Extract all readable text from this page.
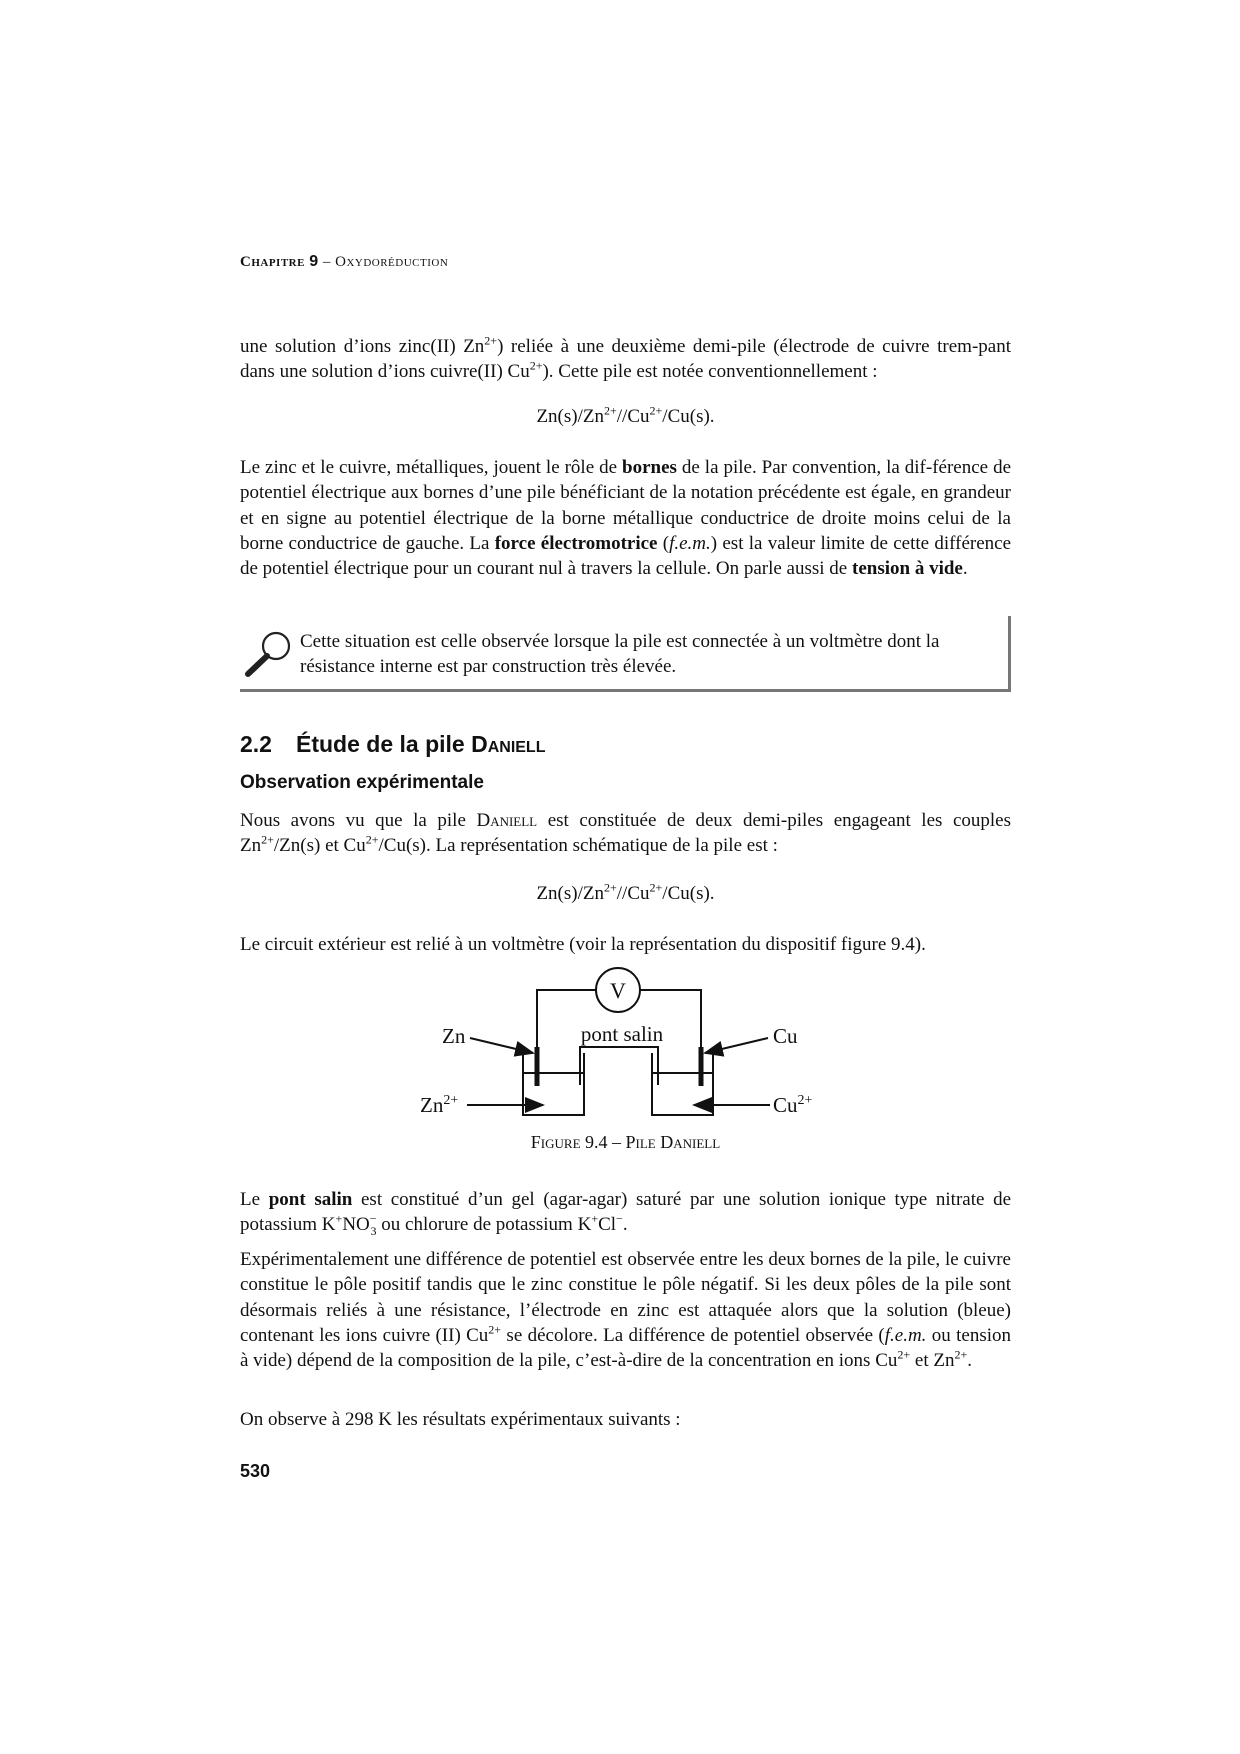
Chapitre 9 – Oxydoréduction

une solution d’ions zinc(II) $Zn^{2+}$) reliée à une deuxième demi-pile (électrode de cuivre trem-pant dans une solution d’ions cuivre(II) $Cu^{2+}$). Cette pile est notée conventionnellement :

$Zn(s)/Zn^{2+}//Cu^{2+}/Cu(s)$.

Le zinc et le cuivre, métalliques, jouent le rôle de bornes de la pile. Par convention, la dif-férence de potentiel électrique aux bornes d’une pile bénéficiant de la notation précédente est égale, en grandeur et en signe au potentiel électrique de la borne métallique conductrice de droite moins celui de la borne conductrice de gauche. La force électromotrice (f.e.m.) est la valeur limite de cette différence de potentiel électrique pour un courant nul à travers la cellule. On parle aussi de tension à vide.

Cette situation est celle observée lorsque la pile est connectée à un voltmètre dont la résistance interne est par construction très élevée.
2.2 Étude de la pile Daniell
Observation expérimentale

Nous avons vu que la pile Daniell est constituée de deux demi-piles engageant les couples $Zn^{2+}/Zn(s)$ et $Cu^{2+}/Cu(s)$. La représentation schématique de la pile est :

$Zn(s)/Zn^{2+}//Cu^{2+}/Cu(s)$.

Le circuit extérieur est relié à un voltmètre (voir la représentation du dispositif figure 9.4).

V
pont salin
Zn	Cu
$Zn^{2+}$	$Cu^{2+}$
Figure 9.4 – Pile Daniell

Le pont salin est constitué d’un gel (agar-agar) saturé par une solution ionique type nitrate de potassium $K^+NO^-_3$ ou chlorure de potassium K+Cl−.

Expérimentalement une différence de potentiel est observée entre les deux bornes de la pile, le cuivre constitue le pôle positif tandis que le zinc constitue le pôle négatif. Si les deux pôles de la pile sont désormais reliés à une résistance, l’électrode en zinc est attaquée alors que la solution (bleue) contenant les ions cuivre (II) $Cu^{2+}$ se décolore. La différence de potentiel observée (f.e.m. ou tension à vide) dépend de la composition de la pile, c’est-à-dire de la concentration en ions $Cu^{2+}$ et $Zn^{2+}$.

On observe à 298 K les résultats expérimentaux suivants :

530
